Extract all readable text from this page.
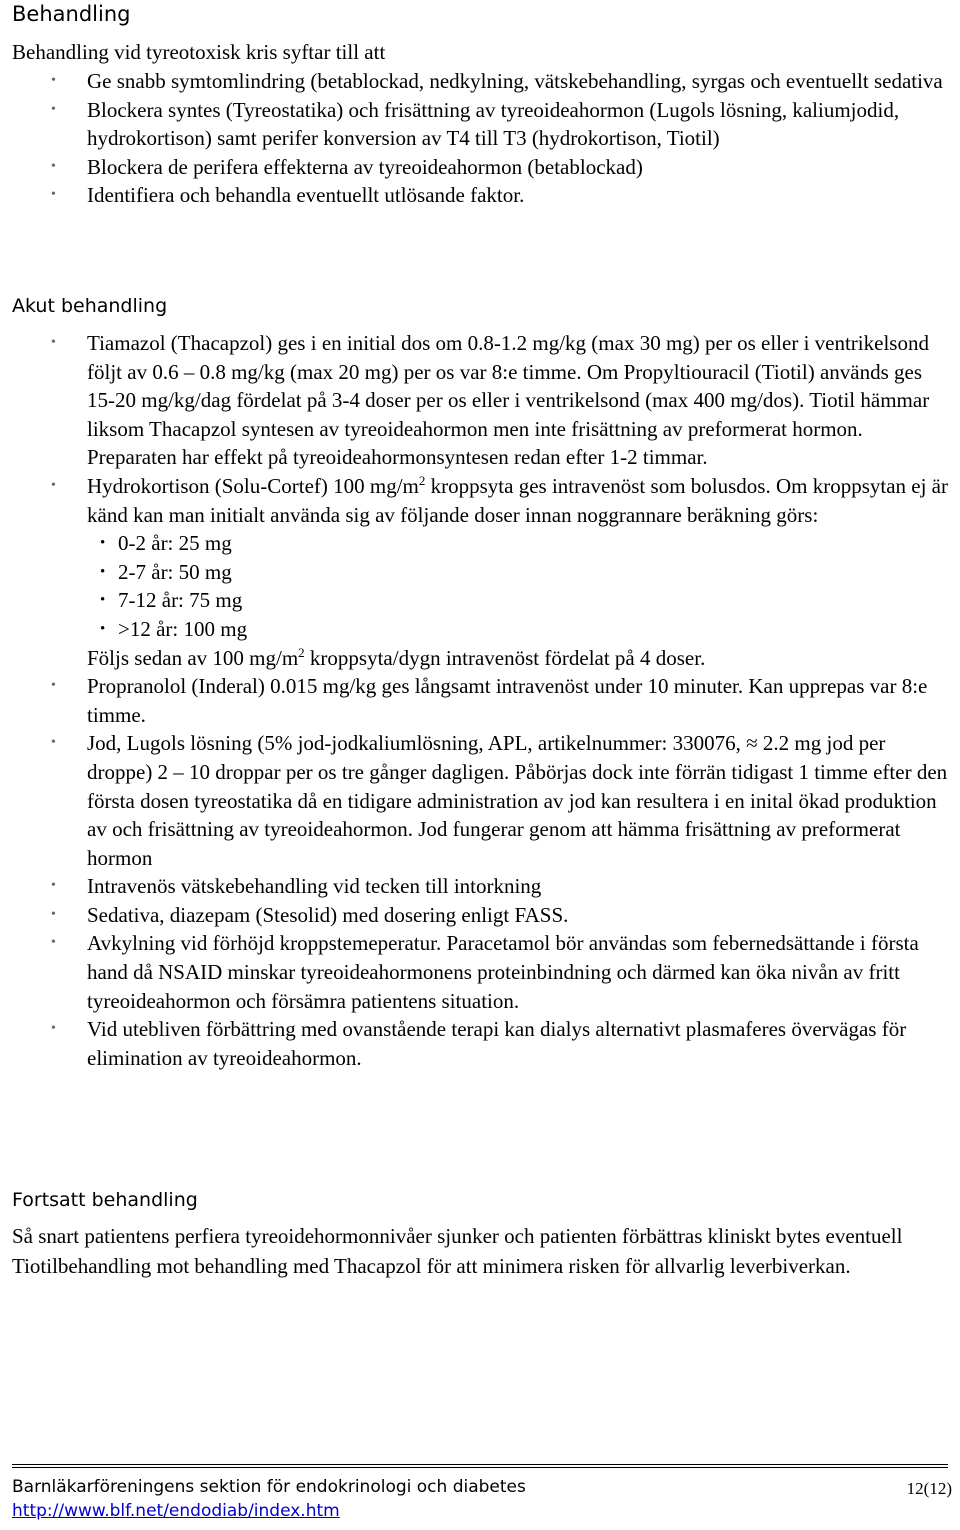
Behandling
Behandling vid tyreotoxisk kris syftar till att
• Ge snabb symtomlindring (betablockad, nedkylning, vätskebehandling, syrgas och eventuellt sedativa
• Blockera syntes (Tyreostatika) och frisättning av tyreoideahormon (Lugols lösning, kaliumjodid, hydrokortison) samt perifer konversion av T4 till T3 (hydrokortison, Tiotil)
• Blockera de perifera effekterna av tyreoideahormon (betablockad)
• Identifiera och behandla eventuellt utlösande faktor.
Akut behandling
• Tiamazol (Thacapzol) ges i en initial dos om 0.8-1.2 mg/kg (max 30 mg) per os eller i ventrikelsond följt av 0.6 – 0.8 mg/kg (max 20 mg) per os var 8:e timme. Om Propyltiouracil (Tiotil) används ges 15-20 mg/kg/dag fördelat på 3-4 doser per os eller i ventrikelsond (max 400 mg/dos). Tiotil hämmar liksom Thacapzol syntesen av tyreoideahormon men inte frisättning av preformerat hormon. Preparaten har effekt på tyreoideahormonsyntesen redan efter 1-2 timmar.
• Hydrokortison (Solu-Cortef) 100 $mg/m^2$ kroppsyta ges intravenöst som bolusdos. Om kroppsytan ej är känd kan man initialt använda sig av följande doser innan noggrannare beräkning görs:
• 0-2 år: 25 mg
• 2-7 år: 50 mg
• 7-12 år: 75 mg
• >12 år: 100 mg
Följs sedan av 100 $mg/m^2$ kroppsyta/dygn intravenöst fördelat på 4 doser.
• Propranolol (Inderal) 0.015 mg/kg ges långsamt intravenöst under 10 minuter. Kan upprepas var 8:e timme.
• Jod, Lugols lösning (5% jod-jodkaliumlösning, APL, artikelnummer: 330076, ≈ 2.2 mg jod per droppe) 2 – 10 droppar per os tre gånger dagligen. Påbörjas dock inte förrän tidigast 1 timme efter den första dosen tyreostatika då en tidigare administration av jod kan resultera i en inital ökad produktion av och frisättning av tyreoideahormon. Jod fungerar genom att hämma frisättning av preformerat hormon
• Intravenös vätskebehandling vid tecken till intorkning
• Sedativa, diazepam (Stesolid) med dosering enligt FASS.
• Avkylning vid förhöjd kroppstemeperatur. Paracetamol bör användas som febernedsättande i första hand då NSAID minskar tyreoideahormonens proteinbindning och därmed kan öka nivån av fritt tyreoideahormon och försämra patientens situation.
• Vid utebliven förbättring med ovanstående terapi kan dialys alternativt plasmaferes övervägas för elimination av tyreoideahormon.
Fortsatt behandling
Så snart patientens perfiera tyreoidehormonnivåer sjunker och patienten förbättras kliniskt bytes eventuell Tiotilbehandling mot behandling med Thacapzol för att minimera risken för allvarlig leverbiverkan.
Barnläkarföreningens sektion för endokrinologi och diabetes
http://www.blf.net/endodiab/index.htm
12(12)
